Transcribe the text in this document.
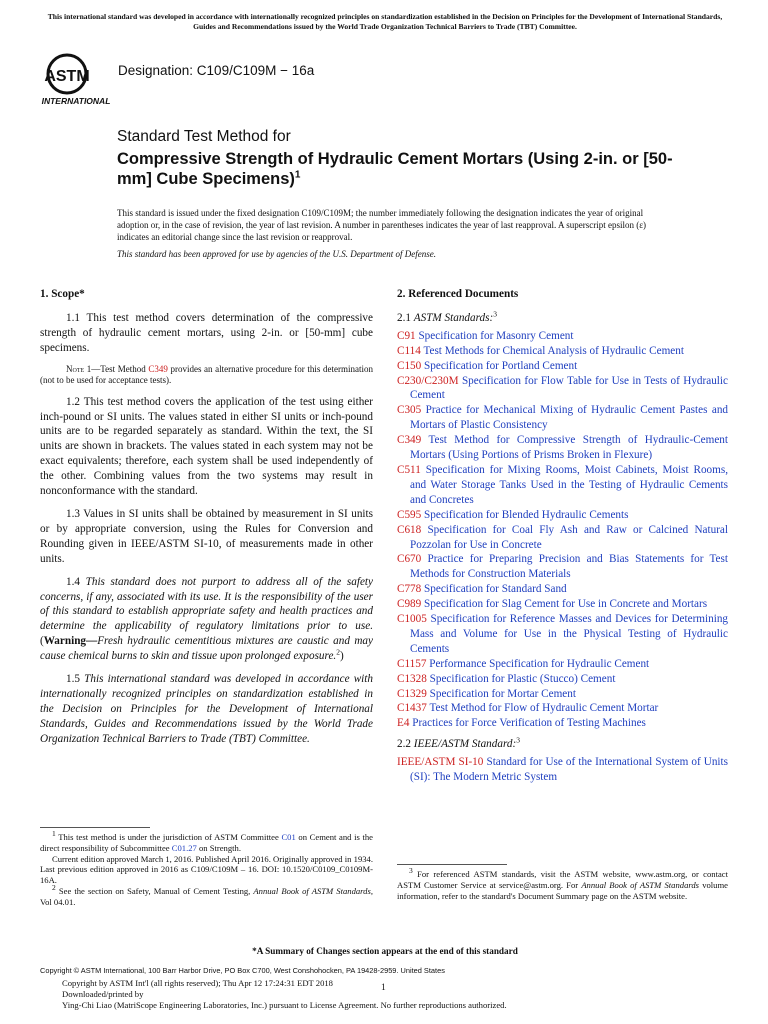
This international standard was developed in accordance with internationally recognized principles on standardization established in the Decision on Principles for the Development of International Standards, Guides and Recommendations issued by the World Trade Organization Technical Barriers to Trade (TBT) Committee.
ASTM
INTERNATIONAL
Designation: C109/C109M − 16a
Standard Test Method for
Compressive Strength of Hydraulic Cement Mortars (Using 2-in. or [50-mm] Cube Specimens)$^1$
This standard is issued under the fixed designation C109/C109M; the number immediately following the designation indicates the year of original adoption or, in the case of revision, the year of last revision. A number in parentheses indicates the year of last reapproval. A superscript epsilon (ε) indicates an editorial change since the last revision or reapproval.
This standard has been approved for use by agencies of the U.S. Department of Defense.
1. Scope*

1.1 This test method covers determination of the compressive strength of hydraulic cement mortars, using 2-in. or [50-mm] cube specimens.

Note 1—Test Method C349 provides an alternative procedure for this determination (not to be used for acceptance tests).

1.2 This test method covers the application of the test using either inch-pound or SI units. The values stated in either SI units or inch-pound units are to be regarded separately as standard. Within the text, the SI units are shown in brackets. The values stated in each system may not be exact equivalents; therefore, each system shall be used independently of the other. Combining values from the two systems may result in nonconformance with the standard.

1.3 Values in SI units shall be obtained by measurement in SI units or by appropriate conversion, using the Rules for Conversion and Rounding given in IEEE/ASTM SI-10, of measurements made in other units.

1.4 This standard does not purport to address all of the safety concerns, if any, associated with its use. It is the responsibility of the user of this standard to establish appropriate safety and health practices and determine the applicability of regulatory limitations prior to use. (Warning—Fresh hydraulic cementitious mixtures are caustic and may cause chemical burns to skin and tissue upon prolonged exposure.$^2$)

1.5 This international standard was developed in accordance with internationally recognized principles on standardization established in the Decision on Principles for the Development of International Standards, Guides and Recommendations issued by the World Trade Organization Technical Barriers to Trade (TBT) Committee.

2. Referenced Documents
2.1 ASTM Standards:$^3$

C91 Specification for Masonry Cement

C114 Test Methods for Chemical Analysis of Hydraulic Cement

C150 Specification for Portland Cement

C230/C230M Specification for Flow Table for Use in Tests of Hydraulic Cement

C305 Practice for Mechanical Mixing of Hydraulic Cement Pastes and Mortars of Plastic Consistency

C349 Test Method for Compressive Strength of Hydraulic-Cement Mortars (Using Portions of Prisms Broken in Flexure)

C511 Specification for Mixing Rooms, Moist Cabinets, Moist Rooms, and Water Storage Tanks Used in the Testing of Hydraulic Cements and Concretes

C595 Specification for Blended Hydraulic Cements

C618 Specification for Coal Fly Ash and Raw or Calcined Natural Pozzolan for Use in Concrete

C670 Practice for Preparing Precision and Bias Statements for Test Methods for Construction Materials

C778 Specification for Standard Sand

C989 Specification for Slag Cement for Use in Concrete and Mortars

C1005 Specification for Reference Masses and Devices for Determining Mass and Volume for Use in the Physical Testing of Hydraulic Cements

C1157 Performance Specification for Hydraulic Cement

C1328 Specification for Plastic (Stucco) Cement

C1329 Specification for Mortar Cement

C1437 Test Method for Flow of Hydraulic Cement Mortar

E4 Practices for Force Verification of Testing Machines

2.2 IEEE/ASTM Standard:$^3$

IEEE/ASTM SI-10 Standard for Use of the International System of Units (SI): The Modern Metric System

$^1$ This test method is under the jurisdiction of ASTM Committee C01 on Cement and is the direct responsibility of Subcommittee C01.27 on Strength.
Current edition approved March 1, 2016. Published April 2016. Originally approved in 1934. Last previous edition approved in 2016 as C109/C109M – 16. DOI: 10.1520/C0109_C0109M-16A.
$^2$ See the section on Safety, Manual of Cement Testing, Annual Book of ASTM Standards, Vol 04.01.
$^3$ For referenced ASTM standards, visit the ASTM website, www.astm.org, or contact ASTM Customer Service at service@astm.org. For Annual Book of ASTM Standards volume information, refer to the standard's Document Summary page on the ASTM website.
*A Summary of Changes section appears at the end of this standard
Copyright © ASTM International, 100 Barr Harbor Drive, PO Box C700, West Conshohocken, PA 19428-2959. United States
Copyright by ASTM Int'l (all rights reserved); Thu Apr 12 17:24:31 EDT 2018
Downloaded/printed by
Ying-Chi Liao (MatriScope Engineering Laboratories, Inc.) pursuant to License Agreement. No further reproductions authorized.
1
